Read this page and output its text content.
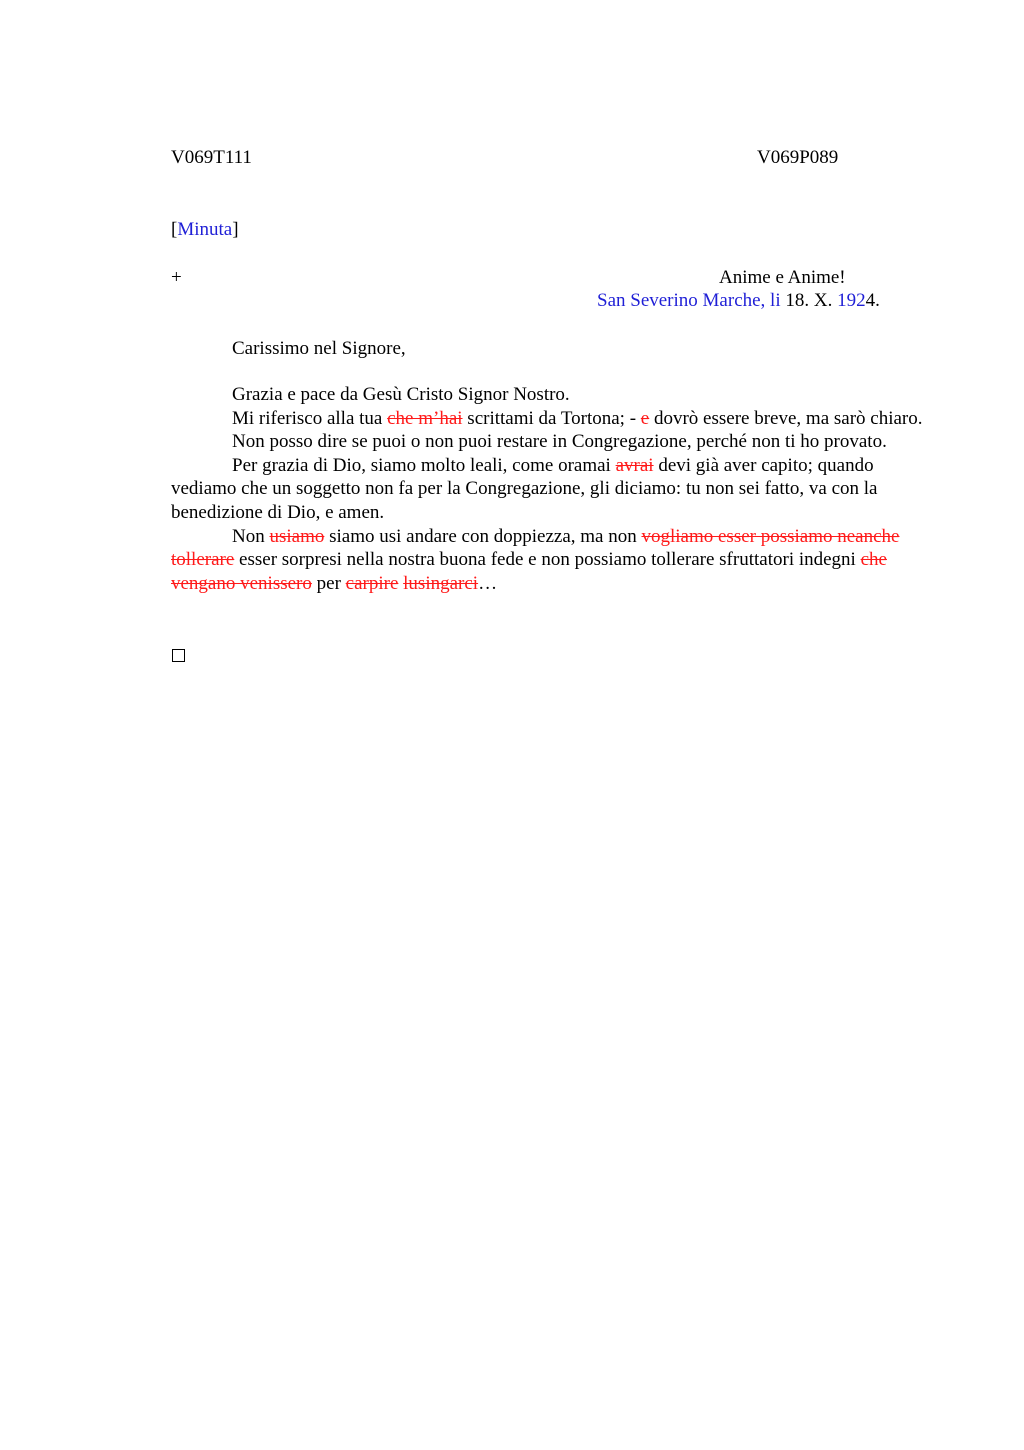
V069T111	V069P089
[Minuta]
+	Anime e Anime!
San Severino Marche, li 18. X. 1924.
Carissimo nel Signore,

Grazia e pace da Gesù Cristo Signor Nostro.

Mi riferisco alla tua che m’hai scrittami da Tortona; - e dovrò essere breve, ma sarò chiaro.

Non posso dire se puoi o non puoi restare in Congregazione, perché non ti ho provato.

Per grazia di Dio, siamo molto leali, come oramai avrai devi già aver capito; quando vediamo che un soggetto non fa per la Congregazione, gli diciamo: tu non sei fatto, va con la benedizione di Dio, e amen.

Non usiamo siamo usi andare con doppiezza, ma non vogliamo esser possiamo neanche tollerare esser sorpresi nella nostra buona fede e non possiamo tollerare sfruttatori indegni che vengano venissero per carpire lusingarci…
